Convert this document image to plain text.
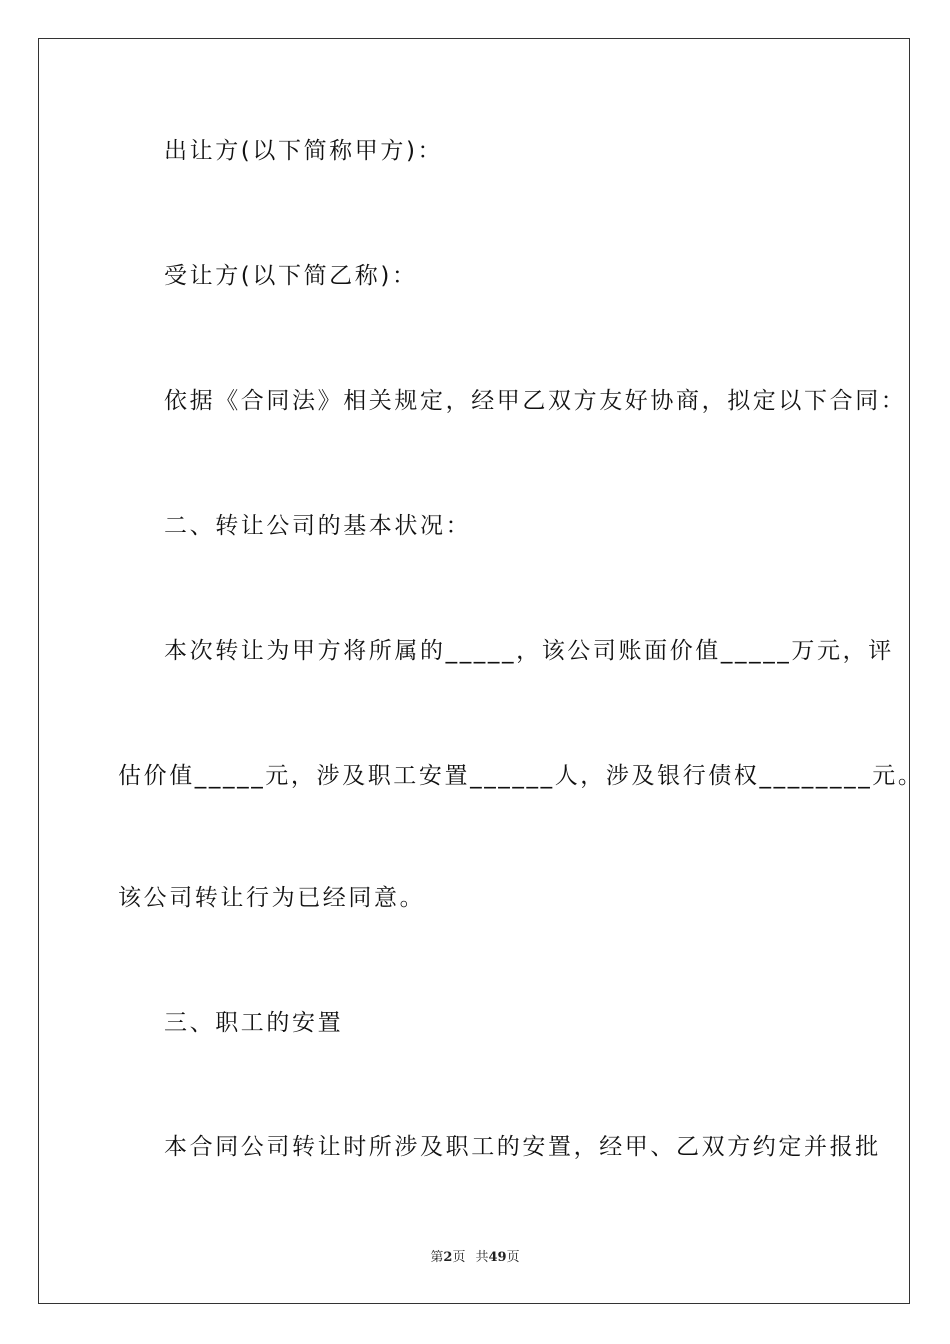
出让方(以下简称甲方)：
受让方(以下简乙称)：
依据《合同法》相关规定，经甲乙双方友好协商，拟定以下合同：
二、转让公司的基本状况：
本次转让为甲方将所属的_____，该公司账面价值_____万元，评
估价值_____元，涉及职工安置______人，涉及银行债权________元。
该公司转让行为已经同意。
三、职工的安置
本合同公司转让时所涉及职工的安置，经甲、乙双方约定并报批
第2页 共49页
